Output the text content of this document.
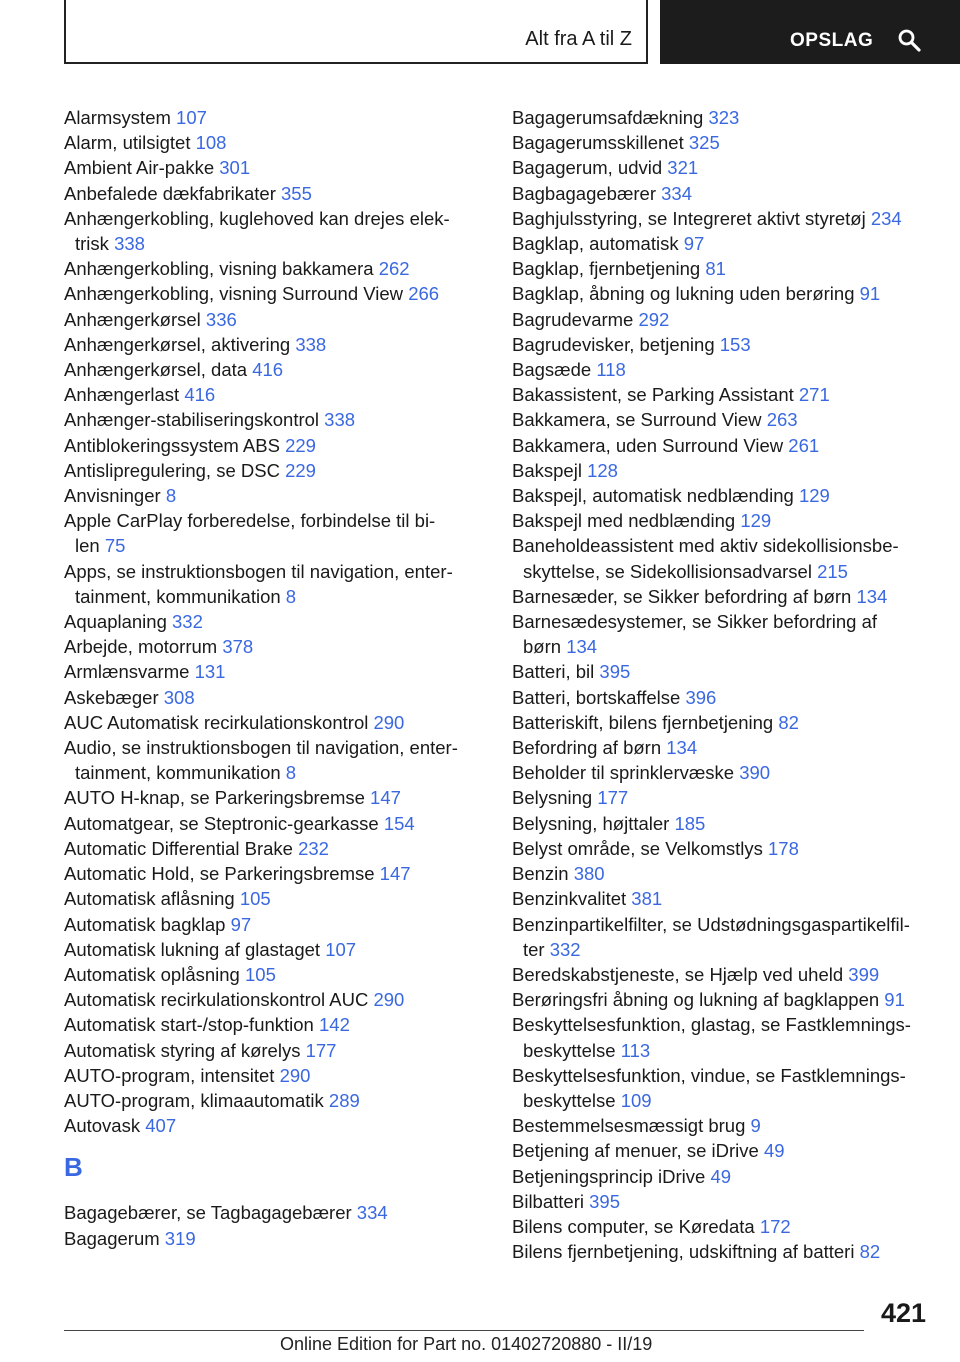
Alt fra A til Z	OPSLAG
Alarmsystem 107
Alarm, utilsigtet 108
Ambient Air-pakke 301
Anbefalede dækfabrikater 355
Anhængerkobling, kuglehoved kan drejes elek-
trisk 338
Anhængerkobling, visning bakkamera 262
Anhængerkobling, visning Surround View 266
Anhængerkørsel 336
Anhængerkørsel, aktivering 338
Anhængerkørsel, data 416
Anhængerlast 416
Anhænger-stabiliseringskontrol 338
Antiblokeringssystem ABS 229
Antislipregulering, se DSC 229
Anvisninger 8
Apple CarPlay forberedelse, forbindelse til bi-
len 75
Apps, se instruktionsbogen til navigation, enter-
tainment, kommunikation 8
Aquaplaning 332
Arbejde, motorrum 378
Armlænsvarme 131
Askebæger 308
AUC Automatisk recirkulationskontrol 290
Audio, se instruktionsbogen til navigation, enter-
tainment, kommunikation 8
AUTO H-knap, se Parkeringsbremse 147
Automatgear, se Steptronic-gearkasse 154
Automatic Differential Brake 232
Automatic Hold, se Parkeringsbremse 147
Automatisk aflåsning 105
Automatisk bagklap 97
Automatisk lukning af glastaget 107
Automatisk oplåsning 105
Automatisk recirkulationskontrol AUC 290
Automatisk start-/stop-funktion 142
Automatisk styring af kørelys 177
AUTO-program, intensitet 290
AUTO-program, klimaautomatik 289
Autovask 407
B
Bagagebærer, se Tagbagagebærer 334
Bagagerum 319
Bagagerumsafdækning 323
Bagagerumsskillenet 325
Bagagerum, udvid 321
Bagbagagebærer 334
Baghjulsstyring, se Integreret aktivt styretøj 234
Bagklap, automatisk 97
Bagklap, fjernbetjening 81
Bagklap, åbning og lukning uden berøring 91
Bagrudevarme 292
Bagrudevisker, betjening 153
Bagsæde 118
Bakassistent, se Parking Assistant 271
Bakkamera, se Surround View 263
Bakkamera, uden Surround View 261
Bakspejl 128
Bakspejl, automatisk nedblænding 129
Bakspejl med nedblænding 129
Baneholdeassistent med aktiv sidekollisionsbe-
skyttelse, se Sidekollisionsadvarsel 215
Barnesæder, se Sikker befordring af børn 134
Barnesædesystemer, se Sikker befordring af
børn 134
Batteri, bil 395
Batteri, bortskaffelse 396
Batteriskift, bilens fjernbetjening 82
Befordring af børn 134
Beholder til sprinklervæske 390
Belysning 177
Belysning, højttaler 185
Belyst område, se Velkomstlys 178
Benzin 380
Benzinkvalitet 381
Benzinpartikelfilter, se Udstødningsgaspartikelfil-
ter 332
Beredskabstjeneste, se Hjælp ved uheld 399
Berøringsfri åbning og lukning af bagklappen 91
Beskyttelsesfunktion, glastag, se Fastklemnings-
beskyttelse 113
Beskyttelsesfunktion, vindue, se Fastklemnings-
beskyttelse 109
Bestemmelsesmæssigt brug 9
Betjening af menuer, se iDrive 49
Betjeningsprincip iDrive 49
Bilbatteri 395
Bilens computer, se Køredata 172
Bilens fjernbetjening, udskiftning af batteri 82
421
Online Edition for Part no. 01402720880 - II/19
